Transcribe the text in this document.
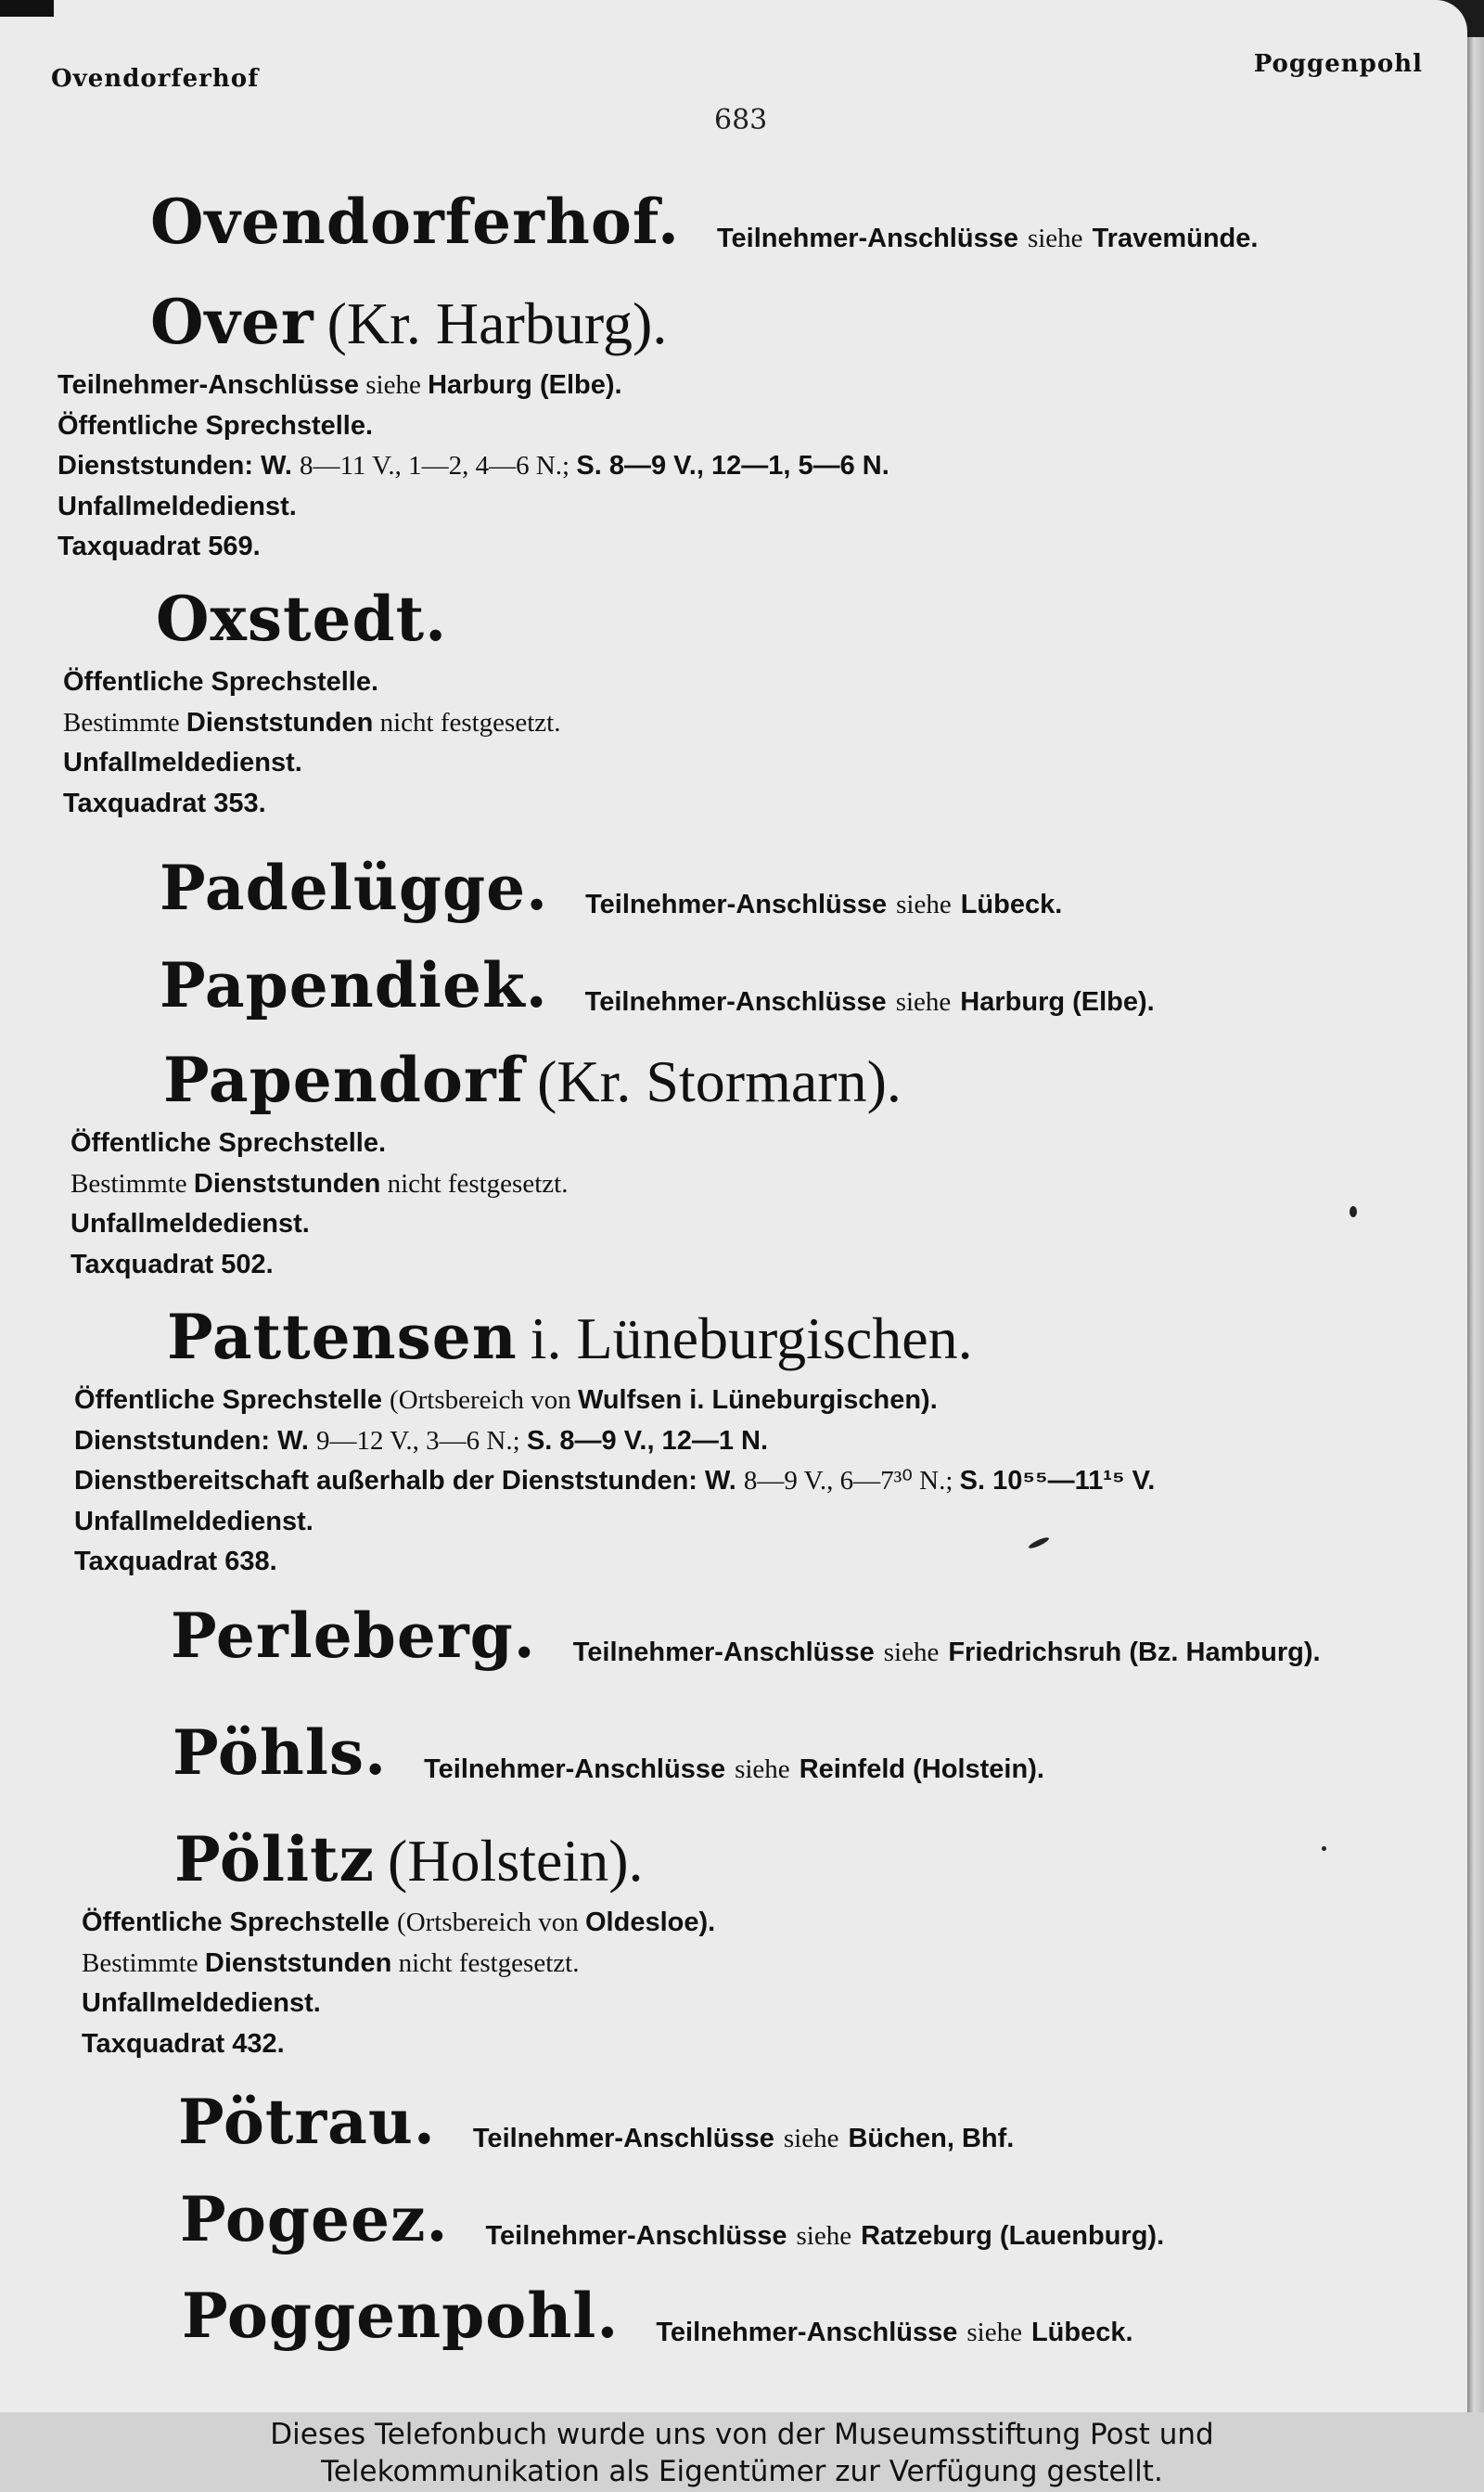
Ovendorferhof
Poggenpohl
683
Ovendorferhof. Teilnehmer-Anschlüsse siehe Travemünde.
Over (Kr. Harburg).
Teilnehmer-Anschlüsse siehe Harburg (Elbe).
Öffentliche Sprechstelle.
Dienststunden: W. 8—11 V., 1—2, 4—6 N.; S. 8—9 V., 12—1, 5—6 N.
Unfallmeldedienst.
Taxquadrat 569.
Oxstedt.
Öffentliche Sprechstelle.
Bestimmte Dienststunden nicht festgesetzt.
Unfallmeldedienst.
Taxquadrat 353.
Padelügge. Teilnehmer-Anschlüsse siehe Lübeck.
Papendiek. Teilnehmer-Anschlüsse siehe Harburg (Elbe).
Papendorf (Kr. Stormarn).
Öffentliche Sprechstelle.
Bestimmte Dienststunden nicht festgesetzt.
Unfallmeldedienst.
Taxquadrat 502.
Pattensen i. Lüneburgischen.
Öffentliche Sprechstelle (Ortsbereich von Wulfsen i. Lüneburgischen).
Dienststunden: W. 9—12 V., 3—6 N.; S. 8—9 V., 12—1 N.
Dienstbereitschaft außerhalb der Dienststunden: W. 8—9 V., 6—7³⁰ N.; S. 10⁵⁵—11¹⁵ V.
Unfallmeldedienst.
Taxquadrat 638.
Perleberg. Teilnehmer-Anschlüsse siehe Friedrichsruh (Bz. Hamburg).
Pöhls. Teilnehmer-Anschlüsse siehe Reinfeld (Holstein).
Pölitz (Holstein).
Öffentliche Sprechstelle (Ortsbereich von Oldesloe).
Bestimmte Dienststunden nicht festgesetzt.
Unfallmeldedienst.
Taxquadrat 432.
Pötrau. Teilnehmer-Anschlüsse siehe Büchen, Bhf.
Pogeez. Teilnehmer-Anschlüsse siehe Ratzeburg (Lauenburg).
Poggenpohl. Teilnehmer-Anschlüsse siehe Lübeck.
Dieses Telefonbuch wurde uns von der Museumsstiftung Post und
Telekommunikation als Eigentümer zur Verfügung gestellt.
